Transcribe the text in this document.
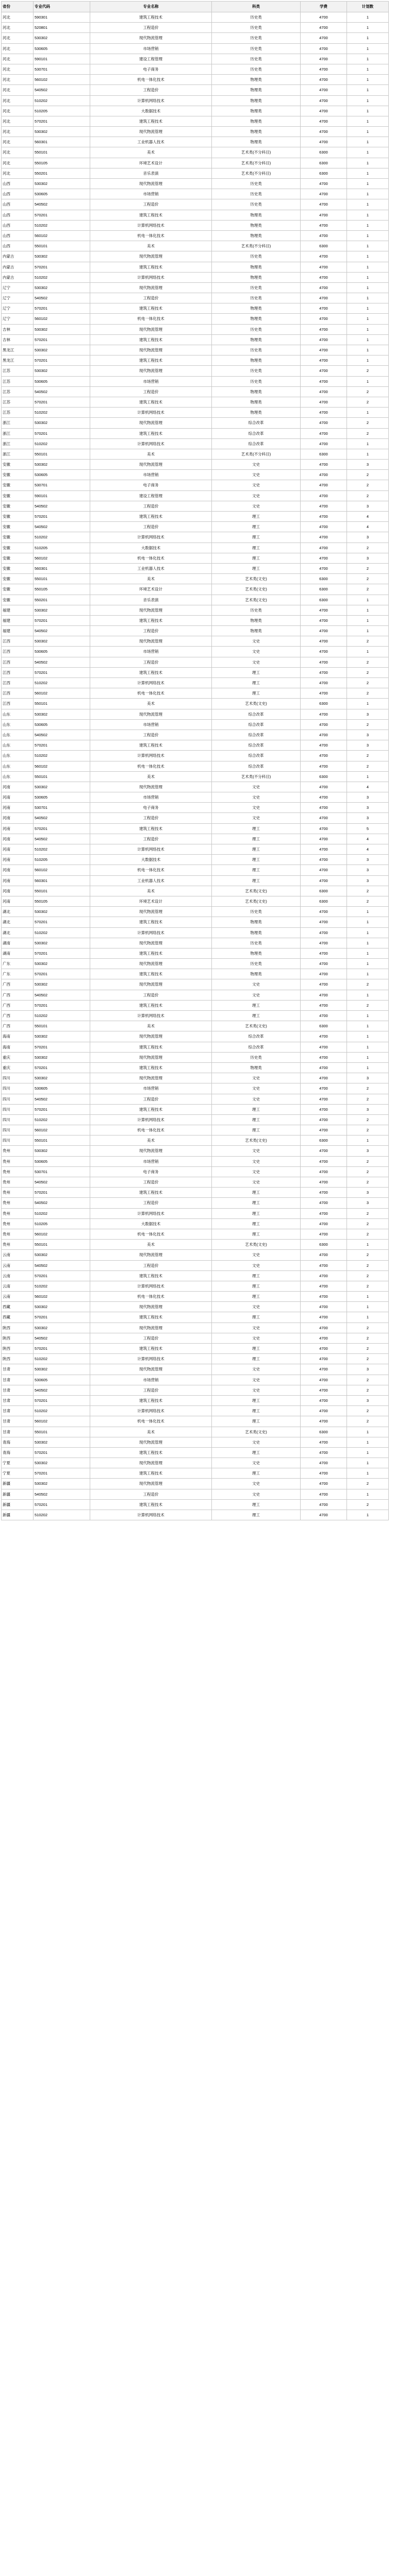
省份	专业代码	专业名称	科类	学费	计划数
河北	590301	建筑工程技术	历史类	4700	1
河北	520801	工程造价	历史类	4700	1
河北	530302	现代物流管理	历史类	4700	1
河北	530605	市场营销	历史类	4700	1
河北	590101	建设工程管理	历史类	4700	1
河北	530701	电子商务	历史类	4700	1
河北	560102	机电一体化技术	物理类	4700	1
河北	540502	工程造价	物理类	4700	1
河北	510202	计算机网络技术	物理类	4700	1
河北	510205	大数据技术	物理类	4700	1
河北	570201	建筑工程技术	物理类	4700	1
河北	530302	现代物流管理	物理类	4700	1
河北	560301	工业机器人技术	物理类	4700	1
河北	550101	美术	艺术类(不分科目)	6300	1
河北	550105	环境艺术设计	艺术类(不分科目)	6300	1
河北	550201	音乐表演	艺术类(不分科目)	6300	1
山西	530302	现代物流管理	历史类	4700	1
山西	530605	市场营销	历史类	4700	1
山西	540502	工程造价	历史类	4700	1
山西	570201	建筑工程技术	物理类	4700	1
山西	510202	计算机网络技术	物理类	4700	1
山西	560102	机电一体化技术	物理类	4700	1
山西	550101	美术	艺术类(不分科目)	6300	1
内蒙古	530302	现代物流管理	历史类	4700	1
内蒙古	570201	建筑工程技术	物理类	4700	1
内蒙古	510202	计算机网络技术	物理类	4700	1
辽宁	530302	现代物流管理	历史类	4700	1
辽宁	540502	工程造价	历史类	4700	1
辽宁	570201	建筑工程技术	物理类	4700	1
辽宁	560102	机电一体化技术	物理类	4700	1
吉林	530302	现代物流管理	历史类	4700	1
吉林	570201	建筑工程技术	物理类	4700	1
黑龙江	530302	现代物流管理	历史类	4700	1
黑龙江	570201	建筑工程技术	物理类	4700	1
江苏	530302	现代物流管理	历史类	4700	2
江苏	530605	市场营销	历史类	4700	1
江苏	540502	工程造价	物理类	4700	2
江苏	570201	建筑工程技术	物理类	4700	2
江苏	510202	计算机网络技术	物理类	4700	1
浙江	530302	现代物流管理	综合改革	4700	2
浙江	570201	建筑工程技术	综合改革	4700	2
浙江	510202	计算机网络技术	综合改革	4700	1
浙江	550101	美术	艺术类(不分科目)	6300	1
安徽	530302	现代物流管理	文史	4700	3
安徽	530605	市场营销	文史	4700	2
安徽	530701	电子商务	文史	4700	2
安徽	590101	建设工程管理	文史	4700	2
安徽	540502	工程造价	文史	4700	3
安徽	570201	建筑工程技术	理工	4700	4
安徽	540502	工程造价	理工	4700	4
安徽	510202	计算机网络技术	理工	4700	3
安徽	510205	大数据技术	理工	4700	2
安徽	560102	机电一体化技术	理工	4700	3
安徽	560301	工业机器人技术	理工	4700	2
安徽	550101	美术	艺术类(文史)	6300	2
安徽	550105	环境艺术设计	艺术类(文史)	6300	2
安徽	550201	音乐表演	艺术类(文史)	6300	1
福建	530302	现代物流管理	历史类	4700	1
福建	570201	建筑工程技术	物理类	4700	1
福建	540502	工程造价	物理类	4700	1
江西	530302	现代物流管理	文史	4700	2
江西	530605	市场营销	文史	4700	1
江西	540502	工程造价	文史	4700	2
江西	570201	建筑工程技术	理工	4700	2
江西	510202	计算机网络技术	理工	4700	2
江西	560102	机电一体化技术	理工	4700	2
江西	550101	美术	艺术类(文史)	6300	1
山东	530302	现代物流管理	综合改革	4700	3
山东	530605	市场营销	综合改革	4700	2
山东	540502	工程造价	综合改革	4700	3
山东	570201	建筑工程技术	综合改革	4700	3
山东	510202	计算机网络技术	综合改革	4700	2
山东	560102	机电一体化技术	综合改革	4700	2
山东	550101	美术	艺术类(不分科目)	6300	1
河南	530302	现代物流管理	文史	4700	4
河南	530605	市场营销	文史	4700	3
河南	530701	电子商务	文史	4700	3
河南	540502	工程造价	文史	4700	3
河南	570201	建筑工程技术	理工	4700	5
河南	540502	工程造价	理工	4700	4
河南	510202	计算机网络技术	理工	4700	4
河南	510205	大数据技术	理工	4700	3
河南	560102	机电一体化技术	理工	4700	3
河南	560301	工业机器人技术	理工	4700	3
河南	550101	美术	艺术类(文史)	6300	2
河南	550105	环境艺术设计	艺术类(文史)	6300	2
湖北	530302	现代物流管理	历史类	4700	1
湖北	570201	建筑工程技术	物理类	4700	1
湖北	510202	计算机网络技术	物理类	4700	1
湖南	530302	现代物流管理	历史类	4700	1
湖南	570201	建筑工程技术	物理类	4700	1
广东	530302	现代物流管理	历史类	4700	1
广东	570201	建筑工程技术	物理类	4700	1
广西	530302	现代物流管理	文史	4700	2
广西	540502	工程造价	文史	4700	1
广西	570201	建筑工程技术	理工	4700	2
广西	510202	计算机网络技术	理工	4700	1
广西	550101	美术	艺术类(文史)	6300	1
海南	530302	现代物流管理	综合改革	4700	1
海南	570201	建筑工程技术	综合改革	4700	1
重庆	530302	现代物流管理	历史类	4700	1
重庆	570201	建筑工程技术	物理类	4700	1
四川	530302	现代物流管理	文史	4700	3
四川	530605	市场营销	文史	4700	2
四川	540502	工程造价	文史	4700	2
四川	570201	建筑工程技术	理工	4700	3
四川	510202	计算机网络技术	理工	4700	2
四川	560102	机电一体化技术	理工	4700	2
四川	550101	美术	艺术类(文史)	6300	1
贵州	530302	现代物流管理	文史	4700	3
贵州	530605	市场营销	文史	4700	2
贵州	530701	电子商务	文史	4700	2
贵州	540502	工程造价	文史	4700	2
贵州	570201	建筑工程技术	理工	4700	3
贵州	540502	工程造价	理工	4700	3
贵州	510202	计算机网络技术	理工	4700	2
贵州	510205	大数据技术	理工	4700	2
贵州	560102	机电一体化技术	理工	4700	2
贵州	550101	美术	艺术类(文史)	6300	1
云南	530302	现代物流管理	文史	4700	2
云南	540502	工程造价	文史	4700	2
云南	570201	建筑工程技术	理工	4700	2
云南	510202	计算机网络技术	理工	4700	2
云南	560102	机电一体化技术	理工	4700	1
西藏	530302	现代物流管理	文史	4700	1
西藏	570201	建筑工程技术	理工	4700	1
陕西	530302	现代物流管理	文史	4700	2
陕西	540502	工程造价	文史	4700	2
陕西	570201	建筑工程技术	理工	4700	2
陕西	510202	计算机网络技术	理工	4700	2
甘肃	530302	现代物流管理	文史	4700	3
甘肃	530605	市场营销	文史	4700	2
甘肃	540502	工程造价	文史	4700	2
甘肃	570201	建筑工程技术	理工	4700	3
甘肃	510202	计算机网络技术	理工	4700	2
甘肃	560102	机电一体化技术	理工	4700	2
甘肃	550101	美术	艺术类(文史)	6300	1
青海	530302	现代物流管理	文史	4700	1
青海	570201	建筑工程技术	理工	4700	1
宁夏	530302	现代物流管理	文史	4700	1
宁夏	570201	建筑工程技术	理工	4700	1
新疆	530302	现代物流管理	文史	4700	2
新疆	540502	工程造价	文史	4700	1
新疆	570201	建筑工程技术	理工	4700	2
新疆	510202	计算机网络技术	理工	4700	1
